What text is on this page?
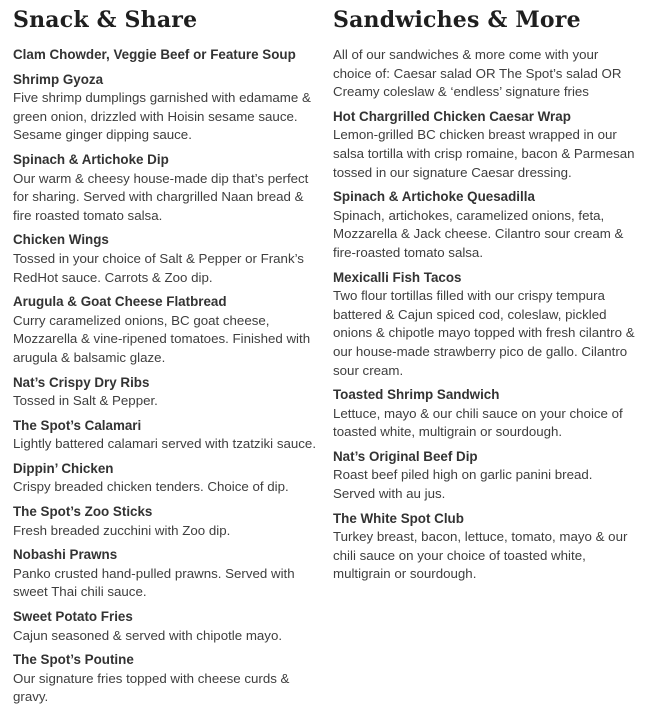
Snack & Share
Clam Chowder, Veggie Beef or Feature Soup
Shrimp Gyoza
Five shrimp dumplings garnished with edamame & green onion, drizzled with Hoisin sesame sauce. Sesame ginger dipping sauce.
Spinach & Artichoke Dip
Our warm & cheesy house-made dip that’s perfect for sharing. Served with chargrilled Naan bread & fire roasted tomato salsa.
Chicken Wings
Tossed in your choice of Salt & Pepper or Frank’s RedHot sauce. Carrots & Zoo dip.
Arugula & Goat Cheese Flatbread
Curry caramelized onions, BC goat cheese, Mozzarella & vine-ripened tomatoes. Finished with arugula & balsamic glaze.
Nat’s Crispy Dry Ribs
Tossed in Salt & Pepper.
The Spot’s Calamari
Lightly battered calamari served with tzatziki sauce.
Dippin’ Chicken
Crispy breaded chicken tenders. Choice of dip.
The Spot’s Zoo Sticks
Fresh breaded zucchini with Zoo dip.
Nobashi Prawns
Panko crusted hand-pulled prawns. Served with sweet Thai chili sauce.
Sweet Potato Fries
Cajun seasoned & served with chipotle mayo.
The Spot’s Poutine
Our signature fries topped with cheese curds & gravy.
Sandwiches & More

All of our sandwiches & more come with your choice of: Caesar salad OR The Spot’s salad OR Creamy coleslaw & ‘endless’ signature fries

Hot Chargrilled Chicken Caesar Wrap
Lemon-grilled BC chicken breast wrapped in our salsa tortilla with crisp romaine, bacon & Parmesan tossed in our signature Caesar dressing.
Spinach & Artichoke Quesadilla
Spinach, artichokes, caramelized onions, feta, Mozzarella & Jack cheese. Cilantro sour cream & fire-roasted tomato salsa.
Mexicalli Fish Tacos
Two flour tortillas filled with our crispy tempura battered & Cajun spiced cod, coleslaw, pickled onions & chipotle mayo topped with fresh cilantro & our house-made strawberry pico de gallo. Cilantro sour cream.
Toasted Shrimp Sandwich
Lettuce, mayo & our chili sauce on your choice of toasted white, multigrain or sourdough.
Nat’s Original Beef Dip
Roast beef piled high on garlic panini bread. Served with au jus.
The White Spot Club
Turkey breast, bacon, lettuce, tomato, mayo & our chili sauce on your choice of toasted white, multigrain or sourdough.
